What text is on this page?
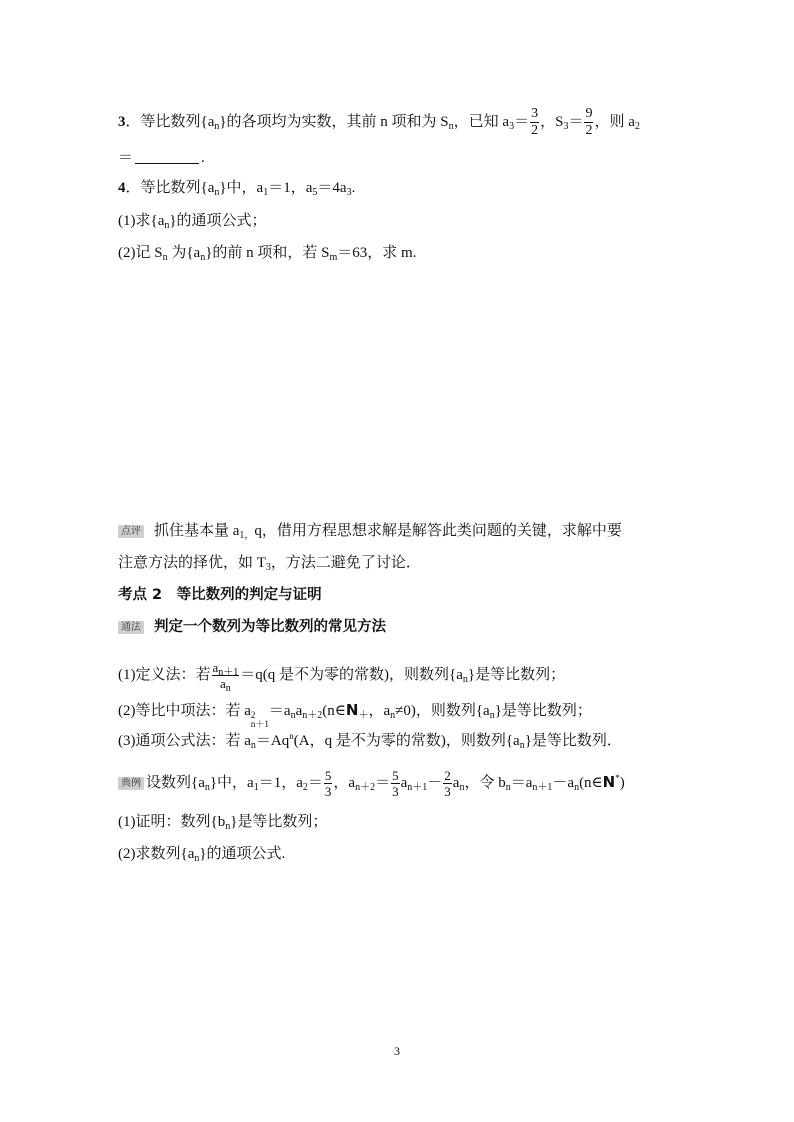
3．等比数列$\{a_n\}$的各项均为实数，其前 n 项和为 $S_n$，已知 $a_3= \frac{3}{2}$ ，$S_3= \frac{9}{2}$ ，则 $a_2$
＝	.
4．等比数列$\{a_n\}$中，$a_1=1$，$a_5=4a_3$.
(1)求$\{a_n\}$的通项公式；
(2)记 $S_n$ 为$\{a_n\}$的前 n 项和，若 $S_m=63$，求 m.
点评 抓住基本量 $a_{1,}q$，借用方程思想求解是解答此类问题的关键，求解中要
注意方法的择优，如 $T_3$，方法二避免了讨论．
考点 2　等比数列的判定与证明
通法 判定一个数列为等比数列的常见方法
(1)定义法：若 $\frac{a_{n+1}}{a_n} =q(q$ 是不为零的常数)，则数列$\{a_n\}$是等比数列；
(2)等比中项法：若 a 2
n＋1
$=a_na_{n+2}(n\in N_+$，$a_n\ne 0$)，则数列$\{a_n\}$是等比数列；
(3)通项公式法：若 $a_n=Aq^n(A$，q 是不为零的常数)，则数列$\{a_n\}$是等比数列．
典例 设数列$\{a_n\}$中，$a_1=1$，$a_2= \frac{5}{3}$ ，$a_{n+2}= \frac{5}{3} a_{n+1}- \frac{2}{3} a_n$，令 $b_n=a_{n+1}-a_n(n\in N^*)$
(1)证明：数列$\{b_n\}$是等比数列；
(2)求数列$\{a_n\}$的通项公式.
3
